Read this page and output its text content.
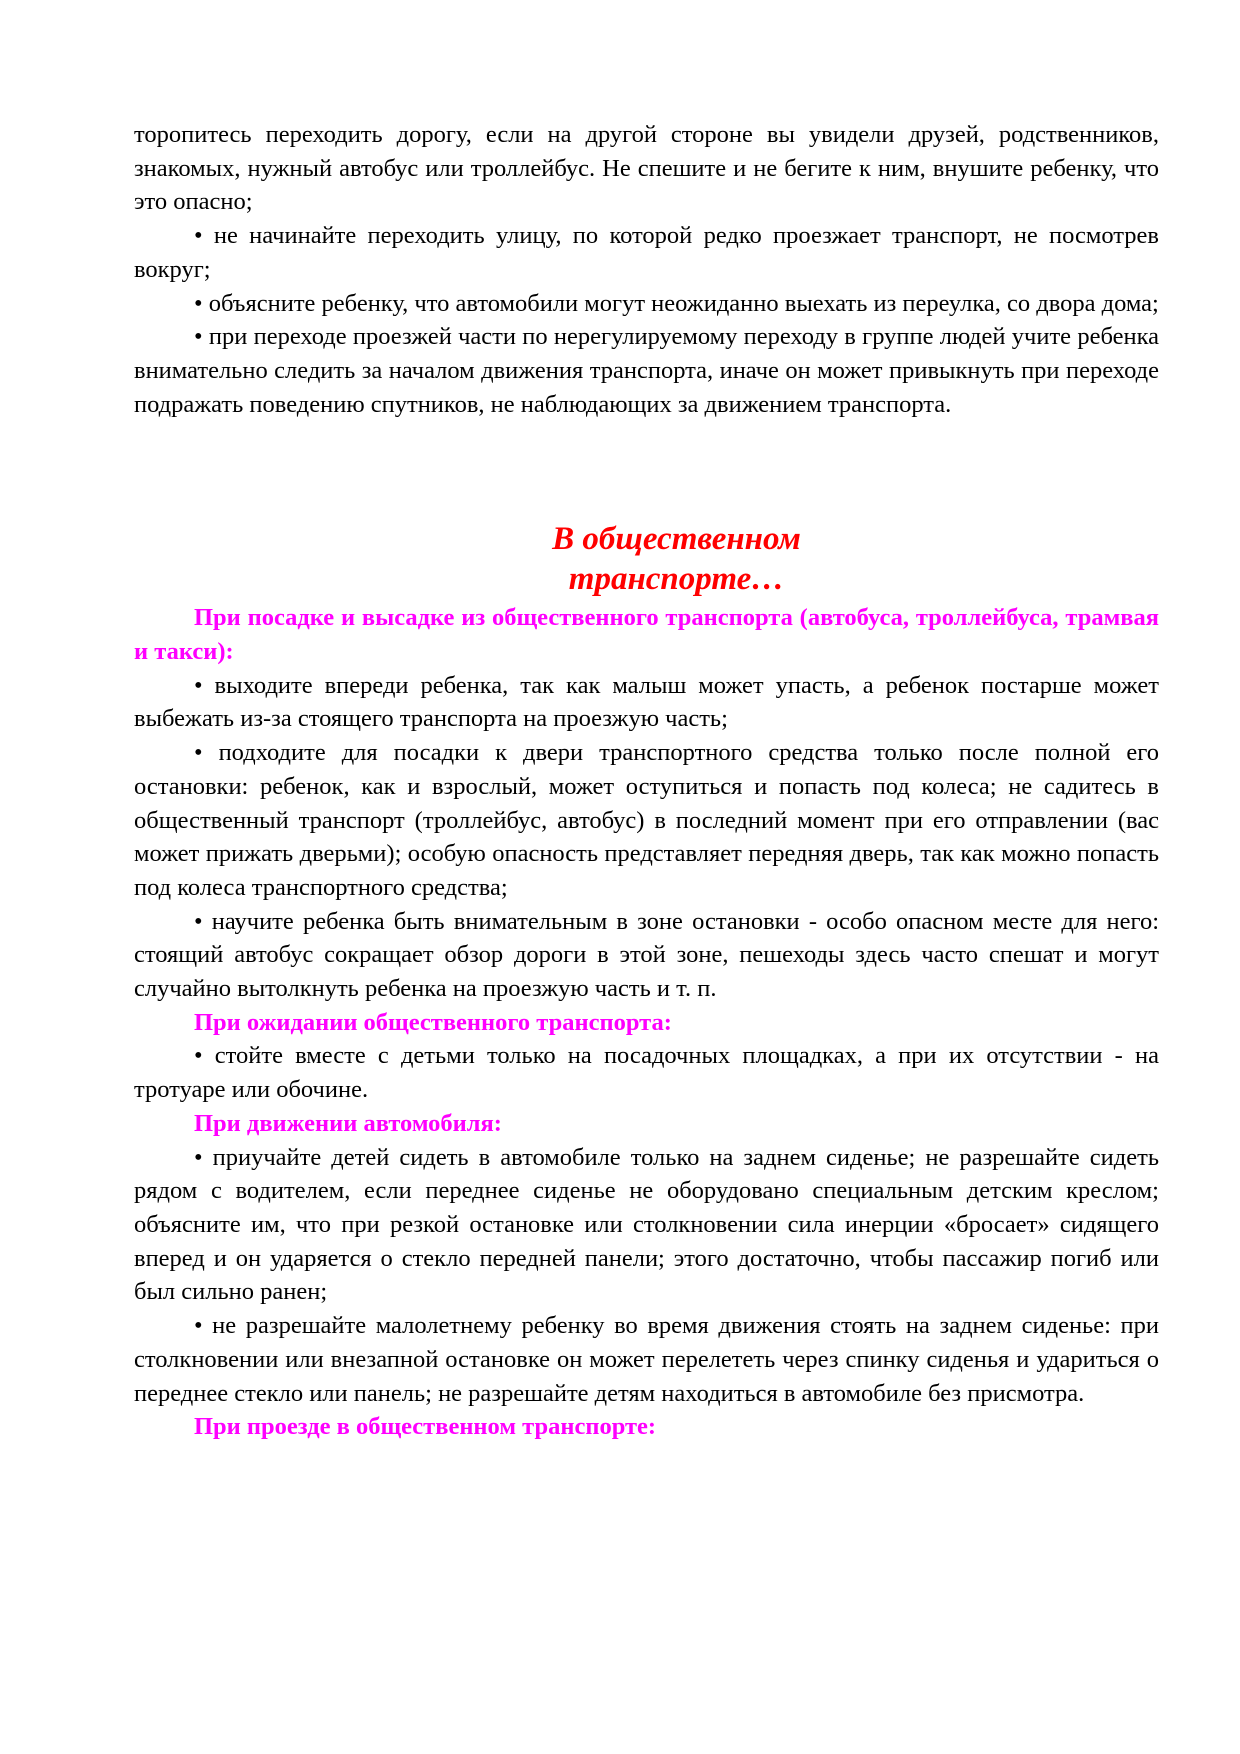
торопитесь переходить дорогу, если на другой стороне вы увидели друзей, родственников, знакомых, нужный автобус или троллейбус. Не спешите и не бегите к ним, внушите ребенку, что это опасно;

• не начинайте переходить улицу, по которой редко проезжает транспорт, не посмотрев вокруг;

• объясните ребенку, что автомобили могут неожиданно выехать из переулка, со двора дома;

• при переходе проезжей части по нерегулируемому переходу в группе людей учите ребенка внимательно следить за началом движения транспорта, иначе он может привыкнуть при переходе подражать поведению спутников, не наблюдающих за движением транспорта.

В общественном

транспорте…

При посадке и высадке из общественного транспорта (автобуса, троллейбуса, трамвая и такси):

• выходите впереди ребенка, так как малыш может упасть, а ребенок постарше может выбежать из-за стоящего транспорта на проезжую часть;

• подходите для посадки к двери транспортного средства только после полной его остановки: ребенок, как и взрослый, может оступиться и попасть под колеса; не садитесь в общественный транспорт (троллейбус, автобус) в последний момент при его отправлении (вас может прижать дверьми); особую опасность представляет передняя дверь, так как можно попасть под колеса транспортного средства;

• научите ребенка быть внимательным в зоне остановки - особо опасном месте для него: стоящий автобус сокращает обзор дороги в этой зоне, пешеходы здесь часто спешат и могут случайно вытолкнуть ребенка на проезжую часть и т. п.

При ожидании общественного транспорта:

• стойте вместе с детьми только на посадочных площадках, а при их отсутствии - на тротуаре или обочине.

При движении автомобиля:

• приучайте детей сидеть в автомобиле только на заднем сиденье; не разрешайте сидеть рядом с водителем, если переднее сиденье не оборудовано специальным детским креслом; объясните им, что при резкой остановке или столкновении сила инерции «бросает» сидящего вперед и он ударяется о стекло передней панели; этого достаточно, чтобы пассажир погиб или был сильно ранен;

• не разрешайте малолетнему ребенку во время движения стоять на заднем сиденье: при столкновении или внезапной остановке он может перелететь через спинку сиденья и удариться о переднее стекло или панель; не разрешайте детям находиться в автомобиле без присмотра.

При проезде в общественном транспорте:
